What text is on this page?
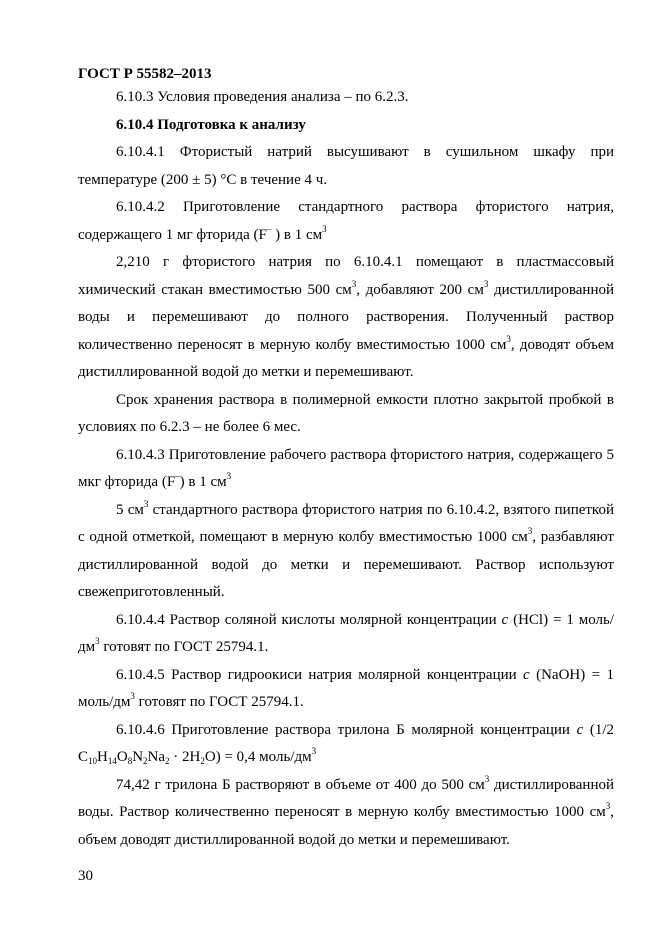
ГОСТ Р 55582–2013

6.10.3 Условия проведения анализа – по 6.2.3.

6.10.4 Подготовка к анализу

6.10.4.1 Фтористый натрий высушивают в сушильном шкафу при температуре (200 ± 5) °С в течение 4 ч.

6.10.4.2 Приготовление стандартного раствора фтористого натрия, содержащего 1 мг фторида (F– ) в 1 $см^3$

2,210 г фтористого натрия по 6.10.4.1 помещают в пластмассовый химический стакан вместимостью 500 $см^3$, добавляют 200 $см^3$ дистиллированной воды и перемешивают до полного растворения. Полученный раствор количественно переносят в мерную колбу вместимостью 1000 $см^3$, доводят объем дистиллированной водой до метки и перемешивают.

Срок хранения раствора в полимерной емкости плотно закрытой пробкой в условиях по 6.2.3 – не более 6 мес.

6.10.4.3 Приготовление рабочего раствора фтористого натрия, содержащего 5 мкг фторида (F–) в 1 $см^3$

5 $см^3$ стандартного раствора фтористого натрия по 6.10.4.2, взятого пипеткой с одной отметкой, помещают в мерную колбу вместимостью 1000 $см^3$, разбавляют дистиллированной водой до метки и перемешивают. Раствор используют свежеприготовленный.

6.10.4.4 Раствор соляной кислоты молярной концентрации с (HCl) = 1 моль/$дм^3$ готовят по ГОСТ 25794.1.

6.10.4.5 Раствор гидроокиси натрия молярной концентрации с (NaOH) = 1 моль/$дм^3$ готовят по ГОСТ 25794.1.

6.10.4.6 Приготовление раствора трилона Б молярной концентрации с (1/2 $C_{10}H_{14}O_8N_2Na_2 \cdot 2H_2O) = 0,4$ моль/$дм^3$

74,42 г трилона Б растворяют в объеме от 400 до 500 $см^3$ дистиллированной воды. Раствор количественно переносят в мерную колбу вместимостью 1000 $см^3$, объем доводят дистиллированной водой до метки и перемешивают.

30
